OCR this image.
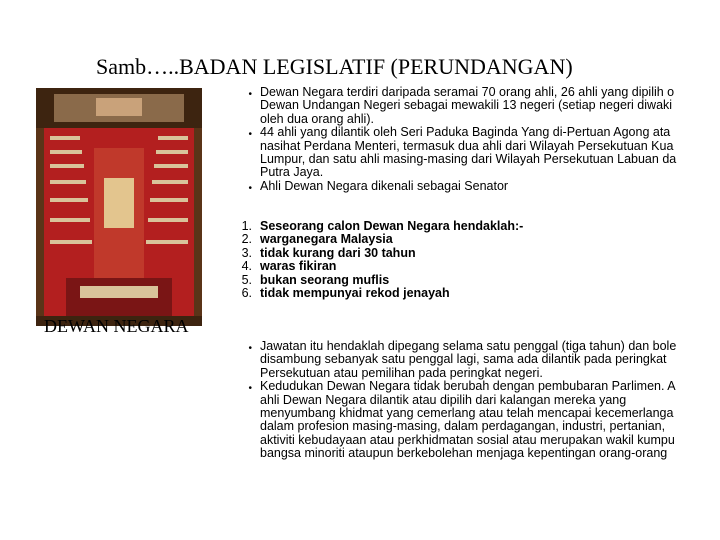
Samb…..BADAN LEGISLATIF (PERUNDANGAN)
DEWAN NEGARA
• Dewan Negara terdiri daripada seramai 70 orang ahli, 26 ahli yang dipilih o
Dewan Undangan Negeri sebagai mewakili 13 negeri (setiap negeri diwaki
oleh dua orang ahli).
• 44 ahli yang dilantik oleh Seri Paduka Baginda Yang di-Pertuan Agong ata
nasihat Perdana Menteri, termasuk dua ahli dari Wilayah Persekutuan Kua
Lumpur, dan satu ahli masing-masing dari Wilayah Persekutuan Labuan da
Putra Jaya.
• Ahli Dewan Negara dikenali sebagai Senator
1. Seseorang calon Dewan Negara hendaklah:-
2. warganegara Malaysia
3. tidak kurang dari 30 tahun
4. waras fikiran
5. bukan seorang muflis
6. tidak mempunyai rekod jenayah
• Jawatan itu hendaklah dipegang selama satu penggal (tiga tahun) dan bole
disambung sebanyak satu penggal lagi, sama ada dilantik pada peringkat
Persekutuan atau pemilihan pada peringkat negeri.
• Kedudukan Dewan Negara tidak berubah dengan pembubaran Parlimen. A
ahli Dewan Negara dilantik atau dipilih dari kalangan mereka yang
menyumbang khidmat yang cemerlang atau telah mencapai kecemerlanga
dalam profesion masing-masing, dalam perdagangan, industri, pertanian,
aktiviti kebudayaan atau perkhidmatan sosial atau merupakan wakil kumpu
bangsa minoriti ataupun berkebolehan menjaga kepentingan orang-orang
